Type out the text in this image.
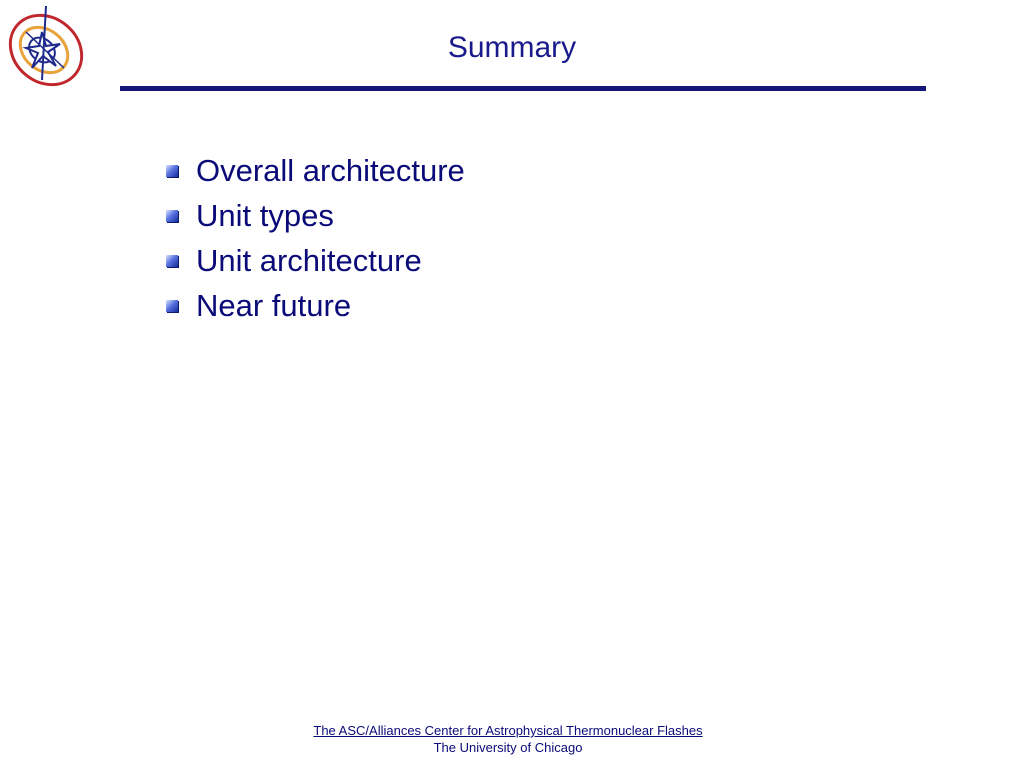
Summary
Overall architecture
Unit types
Unit architecture
Near future
The ASC/Alliances Center for Astrophysical Thermonuclear Flashes
The University of Chicago
